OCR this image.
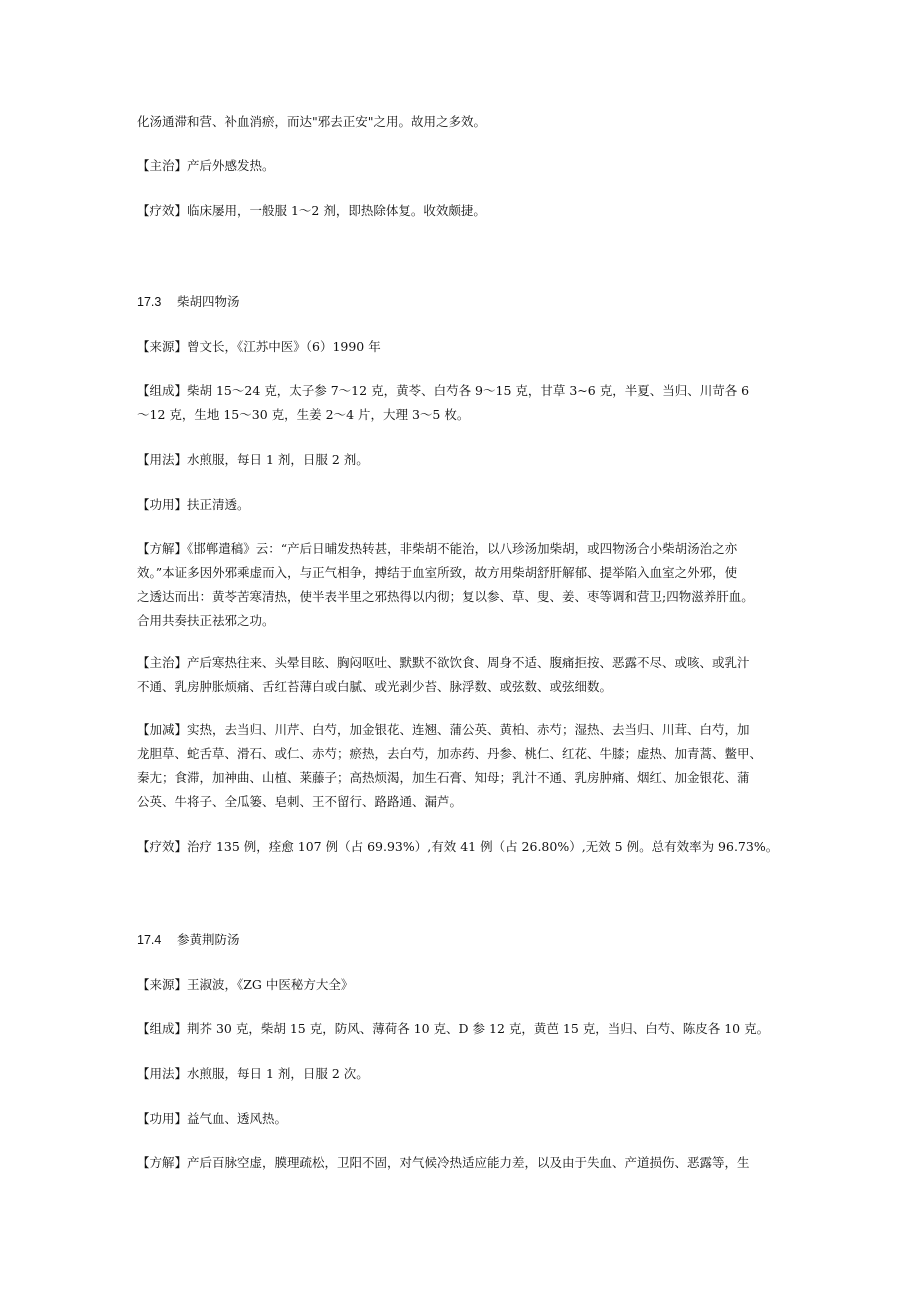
化汤通滞和营、补血消瘀，而达"邪去正安"之用。故用之多效。

【主治】产后外感发热。

【疗效】临床屡用，一般服 1～2 剂，即热除体复。收效颇捷。

17.3 柴胡四物汤

【来源】曾文长，《江苏中医》（6）1990 年

【组成】柴胡 15～24 克，太子参 7～12 克，黄苓、白芍各 9～15 克，甘草 3~6 克，半夏、当归、川苛各 6
～12 克，生地 15～30 克，生姜 2～4 片，大理 3～5 枚。

【用法】水煎服，每日 1 剂，日服 2 剂。

【功用】扶正清透。

【方解】《邯郸遣稿》云：“产后日晡发热转甚，非柴胡不能治，以八珍汤加柴胡，或四物汤合小柴胡汤治之亦
效。”本证多因外邪乘虚而入，与正气相争，搏结于血室所致，故方用柴胡舒肝解郁、提举陷入血室之外邪，使
之透达而出：黄苓苦寒清热，使半表半里之邪热得以内彻；复以参、草、叟、姜、枣等调和营卫;四物滋养肝血。
合用共奏扶正祛邪之功。

【主治】产后寒热往来、头晕目眩、胸闷呕吐、默默不欲饮食、周身不适、腹痛拒按、恶露不尽、或咳、或乳汁
不通、乳房肿胀烦痛、舌红苔薄白或白腻、或光剥少苔、脉浮数、或弦数、或弦细数。

【加减】实热，去当归、川芹、白芍，加金银花、连翘、蒲公英、黄柏、赤芍；湿热、去当归、川茸、白芍，加
龙胆草、蛇舌草、滑石、或仁、赤芍；瘀热，去白芍，加赤药、丹参、桃仁、红花、牛膝；虚热、加青蒿、鳖甲、
秦尢；食滞，加神曲、山植、莱藤子；高热烦渴，加生石膏、知母；乳汁不通、乳房肿痛、烟红、加金银花、蒲
公英、牛将子、全瓜篓、皂刺、王不留行、路路通、漏芦。

【疗效】治疗 135 例，痊愈 107 例（占 69.93%）,有效 41 例（占 26.80%）,无效 5 例。总有效率为 96.73%。

17.4 参黄荆防汤

【来源】王淑波，《ZG 中医秘方大全》

【组成】荆芥 30 克，柴胡 15 克，防风、薄荷各 10 克、D 参 12 克，黄芭 15 克，当归、白芍、陈皮各 10 克。

【用法】水煎服，每日 1 剂，日服 2 次。

【功用】益气血、透风热。

【方解】产后百脉空虚，膜理疏松，卫阳不固，对气候冷热适应能力差，以及由于失血、产道损伤、恶露等，生
